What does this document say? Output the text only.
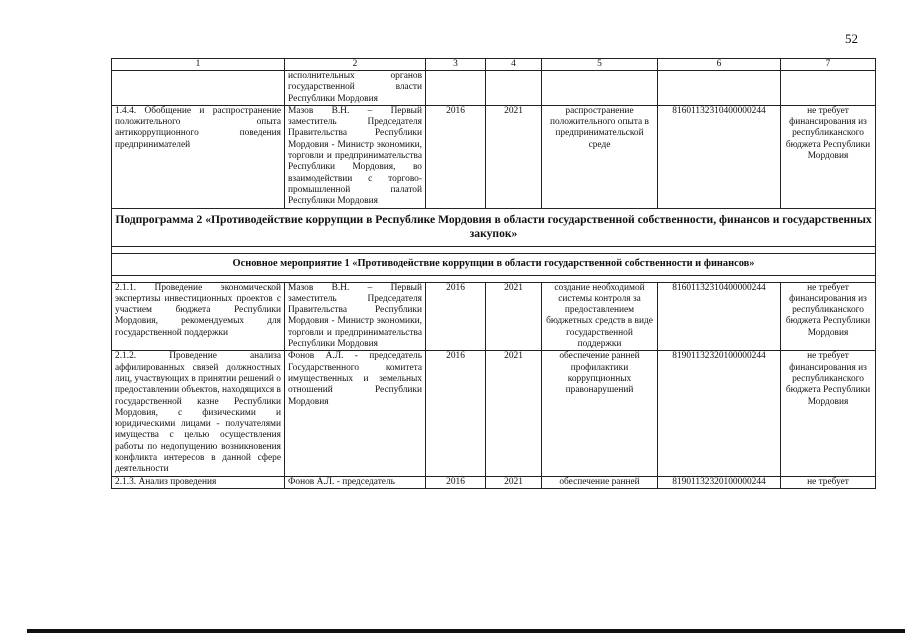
52
1	2	3	4	5	6	7
	исполнительных органов государственной власти Республики Мордовия					
1.4.4. Обобщение и распространение положительного опыта антикоррупционного поведения предпринимателей	Мазов В.Н. – Первый заместитель Председателя Правительства Республики Мордовия - Министр экономики, торговли и предпринимательства Республики Мордовия, во взаимодействии с торгово-промышленной палатой Республики Мордовия	2016	2021	распространение положительного опыта в предпринимательской среде	81601132310400000244	не требует финансирования из республиканского бюджета Республики Мордовия
Подпрограмма 2 «Противодействие коррупции в Республике Мордовия в области государственной собственности, финансов и государственных закупок»						

Основное мероприятие 1 «Противодействие коррупции в области государственной собственности и финансов»						

2.1.1. Проведение экономической экспертизы инвестиционных проектов с участием бюджета Республики Мордовия, рекомендуемых для государственной поддержки	Мазов В.Н. – Первый заместитель Председателя Правительства Республики Мордовия - Министр экономики, торговли и предпринимательства Республики Мордовия	2016	2021	создание необходимой системы контроля за предоставлением бюджетных средств в виде государственной поддержки	81601132310400000244	не требует финансирования из республиканского бюджета Республики Мордовия
2.1.2. Проведение анализа аффилированных связей должностных лиц, участвующих в принятии решений о предоставлении объектов, находящихся в государственной казне Республики Мордовия, с физическими и юридическими лицами - получателями имущества с целью осуществления работы по недопущению возникновения конфликта интересов в данной сфере деятельности	Фонов А.Л. - председатель Государственного комитета имущественных и земельных отношений Республики Мордовия	2016	2021	обеспечение ранней профилактики коррупционных правонарушений	81901132320100000244	не требует финансирования из республиканского бюджета Республики Мордовия
2.1.3. Анализ проведения	Фонов А.Л. - председатель	2016	2021	обеспечение ранней	81901132320100000244	не требует
